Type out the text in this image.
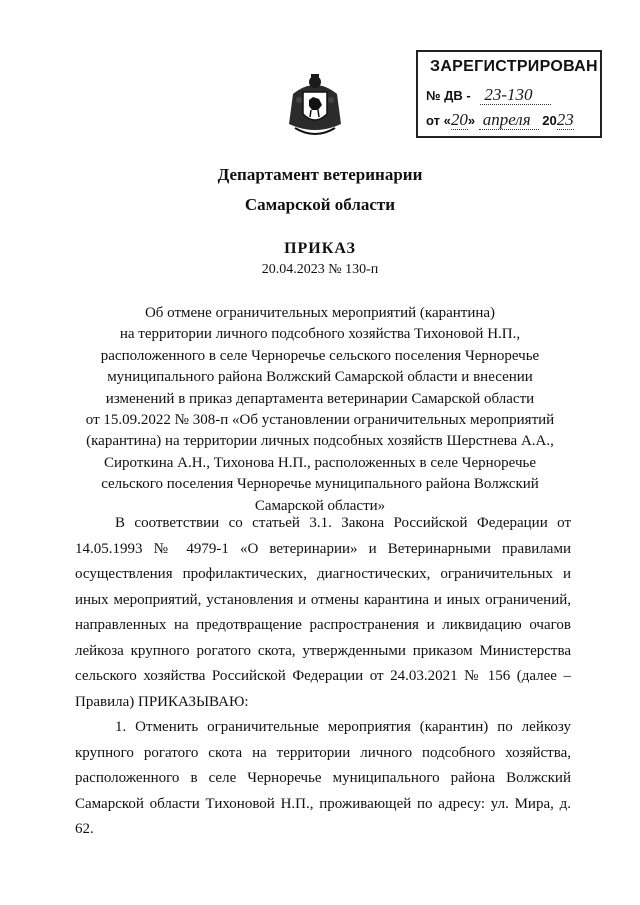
ЗАРЕГИСТРИРОВАН
№ ДВ - 23-130
от «20» апреля 2023
Департамент ветеринарии
Самарской области
ПРИКАЗ
20.04.2023 № 130-п
Об отмене ограничительных мероприятий (карантина)
на территории личного подсобного хозяйства Тихоновой Н.П.,
расположенного в селе Черноречье сельского поселения Черноречье
муниципального района Волжский Самарской области и внесении
изменений в приказ департамента ветеринарии Самарской области
от 15.09.2022 № 308-п «Об установлении ограничительных мероприятий
(карантина) на территории личных подсобных хозяйств Шерстнева А.А.,
Сироткина А.Н., Тихонова Н.П., расположенных в селе Черноречье
сельского поселения Черноречье муниципального района Волжский
Самарской области»

В соответствии со статьей 3.1. Закона Российской Федерации от 14.05.1993 № 4979-1 «О ветеринарии» и Ветеринарными правилами осуществления профилактических, диагностических, ограничительных и иных мероприятий, установления и отмены карантина и иных ограничений, направленных на предотвращение распространения и ликвидацию очагов лейкоза крупного рогатого скота, утвержденными приказом Министерства сельского хозяйства Российской Федерации от 24.03.2021 № 156 (далее – Правила) ПРИКАЗЫВАЮ:

1. Отменить ограничительные мероприятия (карантин) по лейкозу крупного рогатого скота на территории личного подсобного хозяйства, расположенного в селе Черноречье муниципального района Волжский Самарской области Тихоновой Н.П., проживающей по адресу: ул. Мира, д. 62.
